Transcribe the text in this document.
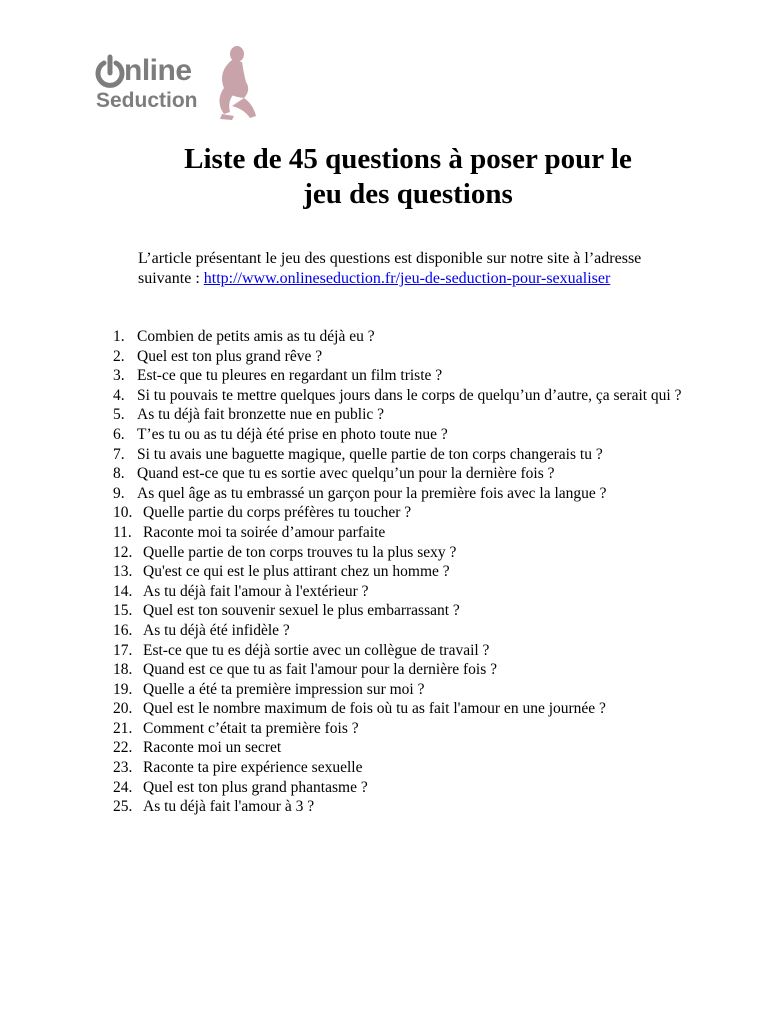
nline
Seduction
Liste de 45 questions à poser pour le
jeu des questions
L’article présentant le jeu des questions est disponible sur notre site à l’adresse suivante : http://www.onlineseduction.fr/jeu-de-seduction-pour-sexualiser
1. Combien de petits amis as tu déjà eu ?
2. Quel est ton plus grand rêve ?
3. Est-ce que tu pleures en regardant un film triste ?
4. Si tu pouvais te mettre quelques jours dans le corps de quelqu’un d’autre, ça serait qui ?
5. As tu déjà fait bronzette nue en public ?
6. T’es tu ou as tu déjà été prise en photo toute nue ?
7. Si tu avais une baguette magique, quelle partie de ton corps changerais tu ?
8. Quand est-ce que tu es sortie avec quelqu’un pour la dernière fois ?
9. As quel âge as tu embrassé un garçon pour la première fois avec la langue ?
10. Quelle partie du corps préfères tu toucher ?
11. Raconte moi ta soirée d’amour parfaite
12. Quelle partie de ton corps trouves tu la plus sexy ?
13. Qu'est ce qui est le plus attirant chez un homme ?
14. As tu déjà fait l'amour à l'extérieur ?
15. Quel est ton souvenir sexuel le plus embarrassant ?
16. As tu déjà été infidèle ?
17. Est-ce que tu es déjà sortie avec un collègue de travail ?
18. Quand est ce que tu as fait l'amour pour la dernière fois ?
19. Quelle a été ta première impression sur moi ?
20. Quel est le nombre maximum de fois où tu as fait l'amour en une journée ?
21. Comment c’était ta première fois ?
22. Raconte moi un secret
23. Raconte ta pire expérience sexuelle
24. Quel est ton plus grand phantasme ?
25. As tu déjà fait l'amour à 3 ?
